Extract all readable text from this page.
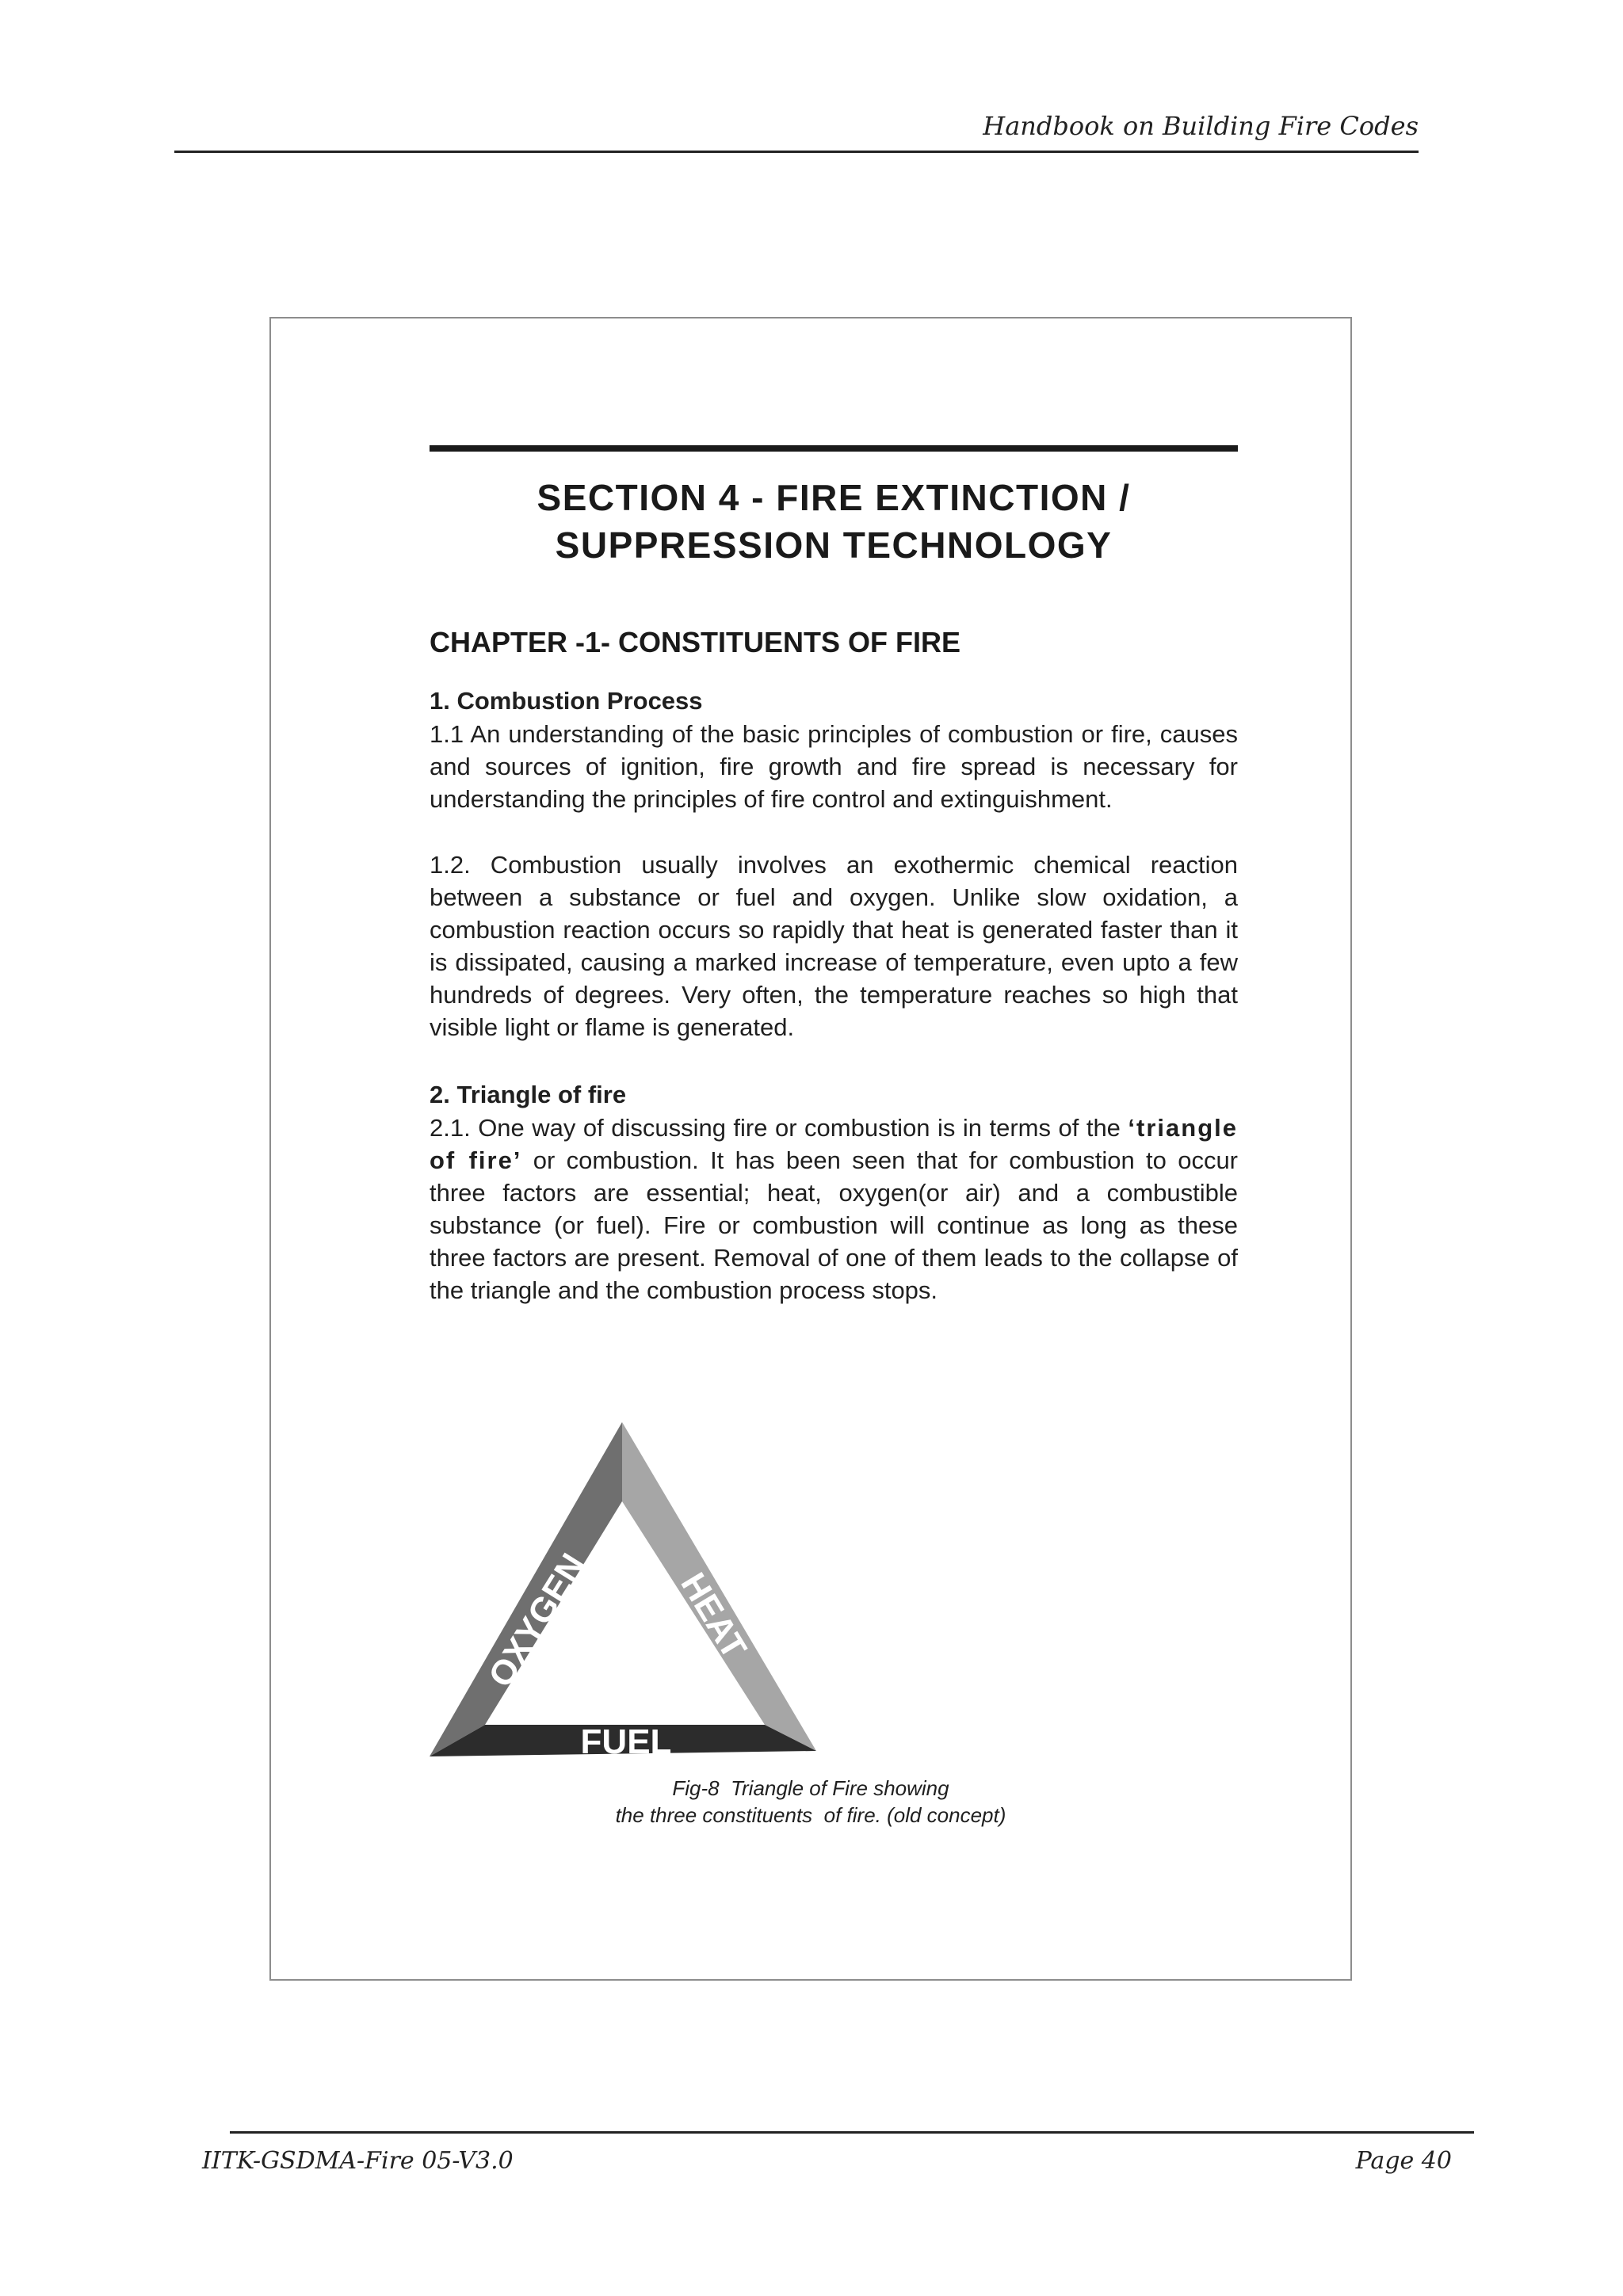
Handbook on Building Fire Codes
SECTION 4 - FIRE EXTINCTION /
SUPPRESSION TECHNOLOGY
CHAPTER -1- CONSTITUENTS OF FIRE
1. Combustion Process

1.1 An understanding of the basic principles of combustion or fire, causes and sources of ignition, fire growth and fire spread is necessary for understanding the principles of fire control and extinguishment.

1.2. Combustion usually involves an exothermic chemical reaction between a substance or fuel and oxygen. Unlike slow oxidation, a combustion reaction occurs so rapidly that heat is generated faster than it is dissipated, causing a marked increase of temperature, even upto a few hundreds of degrees. Very often, the temperature reaches so high that visible light or flame is generated.

2. Triangle of fire

2.1. One way of discussing fire or combustion is in terms of the ‘triangle of fire’ or combustion. It has been seen that for combustion to occur three factors are essential; heat, oxygen(or air) and a combustible substance (or fuel). Fire or combustion will continue as long as these three factors are present. Removal of one of them leads to the collapse of the triangle and the combustion process stops.

OXYGEN HEAT
FUEL
Fig-8  Triangle of Fire showing
the three constituents  of fire. (old concept)
IITK-GSDMA-Fire 05-V3.0	Page 40
